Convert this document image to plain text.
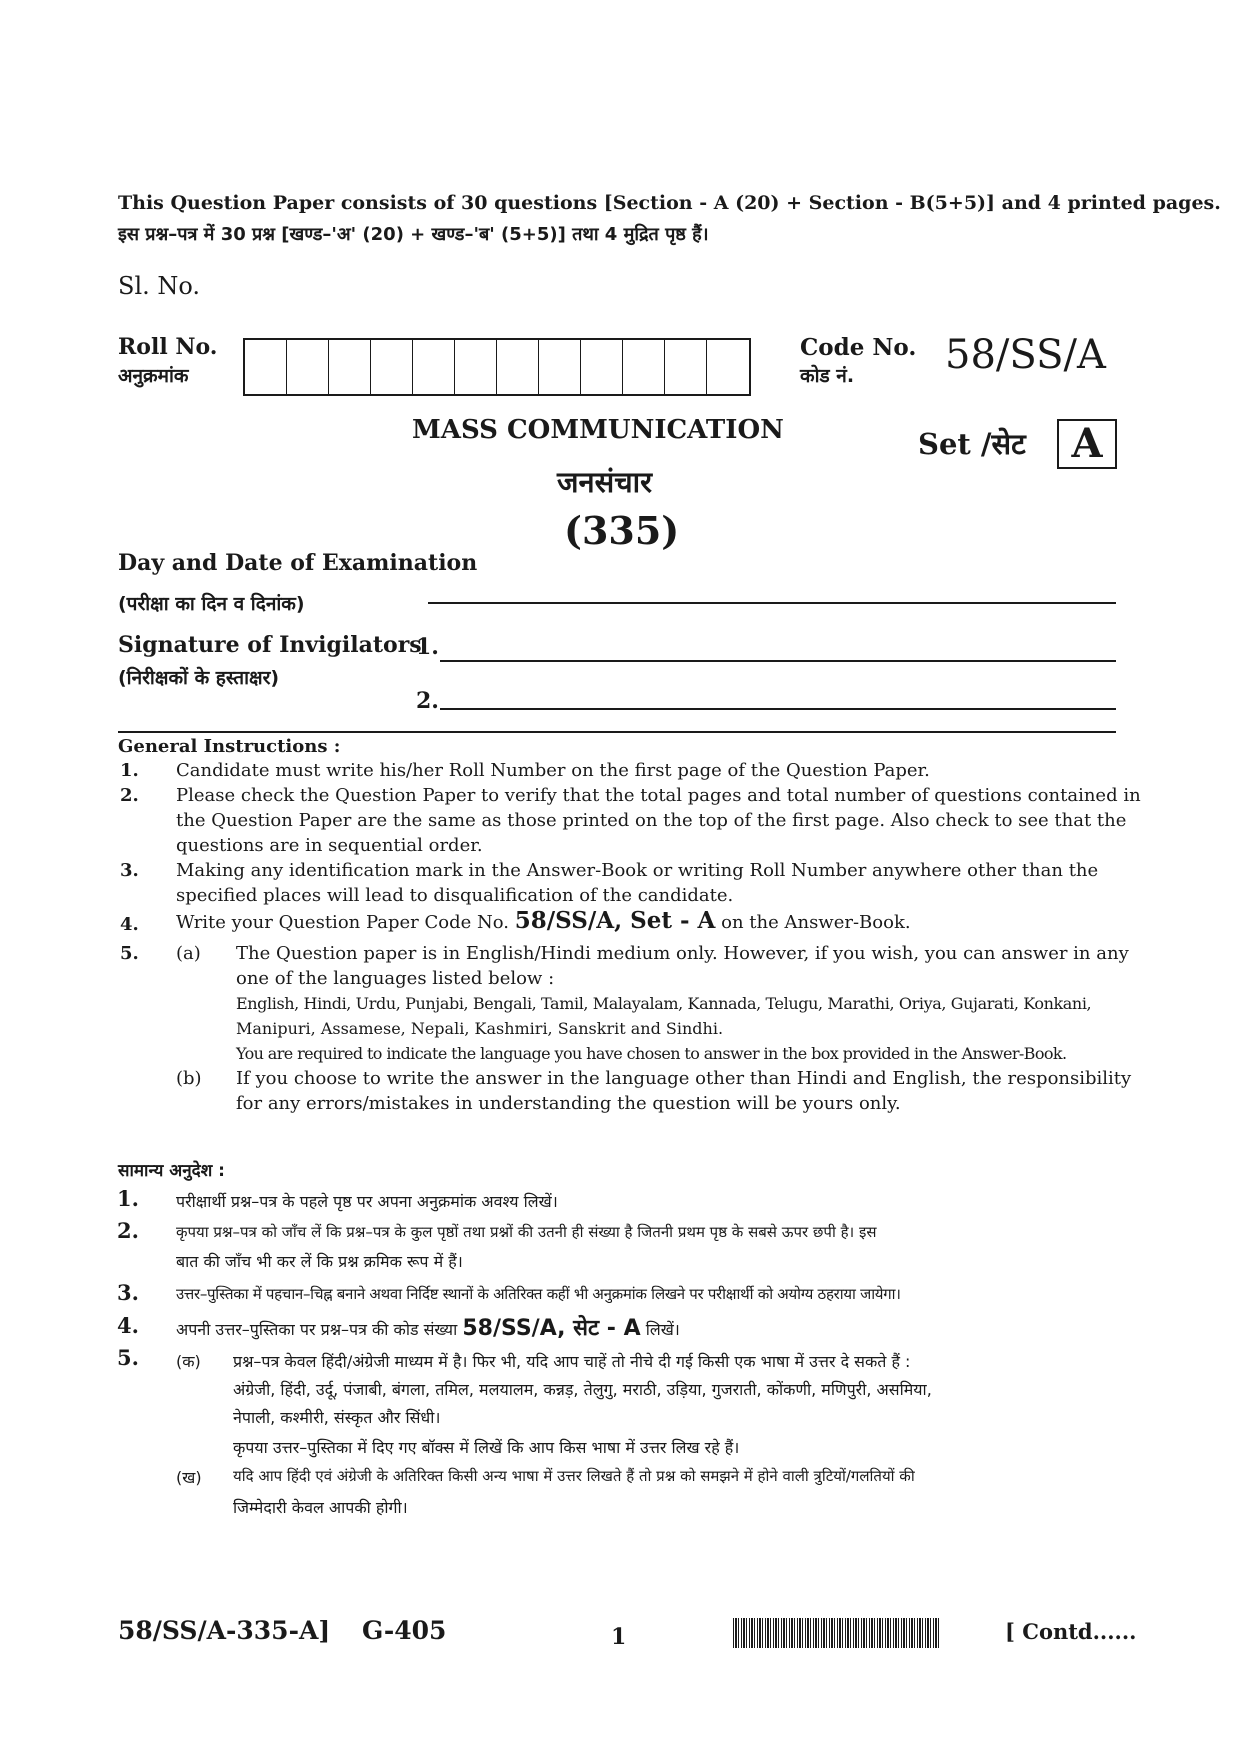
This Question Paper consists of 30 questions [Section - A (20) + Section - B(5+5)] and 4 printed pages.
इस प्रश्न–पत्र में 30 प्रश्न [खण्ड–'अ' (20) + खण्ड–'ब' (5+5)] तथा 4 मुद्रित पृष्ठ हैं।
Sl. No.
Roll No.
अनुक्रमांक
Code No.
कोड नं. 58/SS/A
MASS COMMUNICATION
जनसंचार
(335)
Set /सेट	A
Day and Date of Examination
(परीक्षा का दिन व दिनांक)
Signature of Invigilators
(निरीक्षकों के हस्ताक्षर)
1.
2.
General Instructions :
1. Candidate must write his/her Roll Number on the first page of the Question Paper.
2. Please check the Question Paper to verify that the total pages and total number of questions contained in
the Question Paper are the same as those printed on the top of the first page. Also check to see that the
questions are in sequential order.
3. Making any identification mark in the Answer-Book or writing Roll Number anywhere other than the
specified places will lead to disqualification of the candidate.
4. Write your Question Paper Code No. 58/SS/A, Set - A on the Answer-Book.
5. (a) The Question paper is in English/Hindi medium only. However, if you wish, you can answer in any
one of the languages listed below :
English, Hindi, Urdu, Punjabi, Bengali, Tamil, Malayalam, Kannada, Telugu, Marathi, Oriya, Gujarati, Konkani,
Manipuri, Assamese, Nepali, Kashmiri, Sanskrit and Sindhi.
You are required to indicate the language you have chosen to answer in the box provided in the Answer-Book.
(b) If you choose to write the answer in the language other than Hindi and English, the responsibility
for any errors/mistakes in understanding the question will be yours only.
सामान्य अनुदेश :
1. परीक्षार्थी प्रश्न–पत्र के पहले पृष्ठ पर अपना अनुक्रमांक अवश्य लिखें।
2. कृपया प्रश्न–पत्र को जाँच लें कि प्रश्न–पत्र के कुल पृष्ठों तथा प्रश्नों की उतनी ही संख्या है जितनी प्रथम पृष्ठ के सबसे ऊपर छपी है। इस
बात की जाँच भी कर लें कि प्रश्न क्रमिक रूप में हैं।
3. उत्तर–पुस्तिका में पहचान–चिह्न बनाने अथवा निर्दिष्ट स्थानों के अतिरिक्त कहीं भी अनुक्रमांक लिखने पर परीक्षार्थी को अयोग्य ठहराया जायेगा।
4. अपनी उत्तर–पुस्तिका पर प्रश्न–पत्र की कोड संख्या 58/SS/A, सेट - A लिखें।
5. (क) प्रश्न–पत्र केवल हिंदी/अंग्रेजी माध्यम में है। फिर भी, यदि आप चाहें तो नीचे दी गई किसी एक भाषा में उत्तर दे सकते हैं :
अंग्रेजी, हिंदी, उर्दू, पंजाबी, बंगला, तमिल, मलयालम, कन्नड़, तेलुगु, मराठी, उड़िया, गुजराती, कोंकणी, मणिपुरी, असमिया,
नेपाली, कश्मीरी, संस्कृत और सिंधी।
कृपया उत्तर–पुस्तिका में दिए गए बॉक्स में लिखें कि आप किस भाषा में उत्तर लिख रहे हैं।
(ख) यदि आप हिंदी एवं अंग्रेजी के अतिरिक्त किसी अन्य भाषा में उत्तर लिखते हैं तो प्रश्न को समझने में होने वाली त्रुटियों/गलतियों की
जिम्मेदारी केवल आपकी होगी।
58/SS/A-335-A] G-405	1	[ Contd......
